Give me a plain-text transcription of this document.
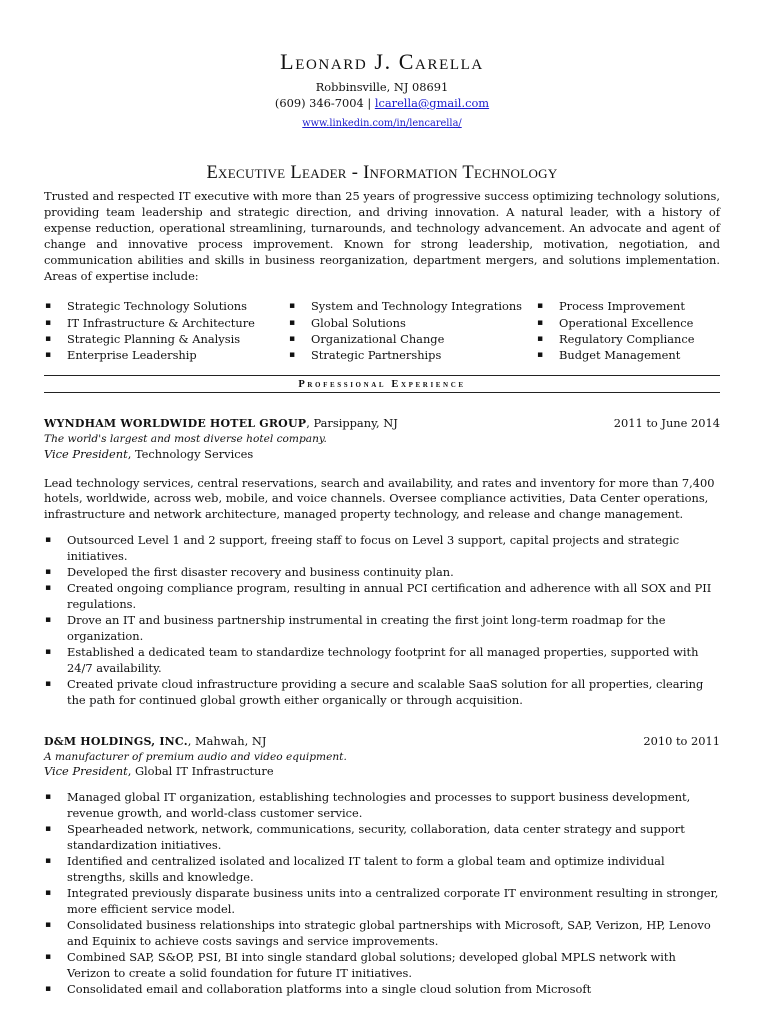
Leonard J. Carella
Robbinsville, NJ 08691
(609) 346-7004 | lcarella@gmail.com
www.linkedin.com/in/lencarella/
Executive Leader - Information Technology
Trusted and respected IT executive with more than 25 years of progressive success optimizing technology solutions, providing team leadership and strategic direction, and driving innovation. A natural leader, with a history of expense reduction, operational streamlining, turnarounds, and technology advancement. An advocate and agent of change and innovative process improvement. Known for strong leadership, motivation, negotiation, and communication abilities and skills in business reorganization, department mergers, and solutions implementation. Areas of expertise include:
▪ Strategic Technology Solutions
▪ IT Infrastructure & Architecture
▪ Strategic Planning & Analysis
▪ Enterprise Leadership
▪ System and Technology Integrations
▪ Global Solutions
▪ Organizational Change
▪ Strategic Partnerships
▪ Process Improvement
▪ Operational Excellence
▪ Regulatory Compliance
▪ Budget Management
Professional Experience
WYNDHAM WORLDWIDE HOTEL GROUP, Parsippany, NJ	2011 to June 2014
The world's largest and most diverse hotel company.
Vice President, Technology Services
Lead technology services, central reservations, search and availability, and rates and inventory for more than 7,400 hotels, worldwide, across web, mobile, and voice channels. Oversee compliance activities, Data Center operations, infrastructure and network architecture, managed property technology, and release and change management.
▪ Outsourced Level 1 and 2 support, freeing staff to focus on Level 3 support, capital projects and strategic initiatives.
▪ Developed the first disaster recovery and business continuity plan.
▪ Created ongoing compliance program, resulting in annual PCI certification and adherence with all SOX and PII regulations.
▪ Drove an IT and business partnership instrumental in creating the first joint long-term roadmap for the organization.
▪ Established a dedicated team to standardize technology footprint for all managed properties, supported with 24/7 availability.
▪ Created private cloud infrastructure providing a secure and scalable SaaS solution for all properties, clearing the path for continued global growth either organically or through acquisition.
D&M HOLDINGS, INC., Mahwah, NJ	2010 to 2011
A manufacturer of premium audio and video equipment.
Vice President, Global IT Infrastructure
▪ Managed global IT organization, establishing technologies and processes to support business development, revenue growth, and world-class customer service.
▪ Spearheaded network, network, communications, security, collaboration, data center strategy and support standardization initiatives.
▪ Identified and centralized isolated and localized IT talent to form a global team and optimize individual strengths, skills and knowledge.
▪ Integrated previously disparate business units into a centralized corporate IT environment resulting in stronger, more efficient service model.
▪ Consolidated business relationships into strategic global partnerships with Microsoft, SAP, Verizon, HP, Lenovo and Equinix to achieve costs savings and service improvements.
▪ Combined SAP, S&OP, PSI, BI into single standard global solutions; developed global MPLS network with Verizon to create a solid foundation for future IT initiatives.
▪ Consolidated email and collaboration platforms into a single cloud solution from Microsoft
